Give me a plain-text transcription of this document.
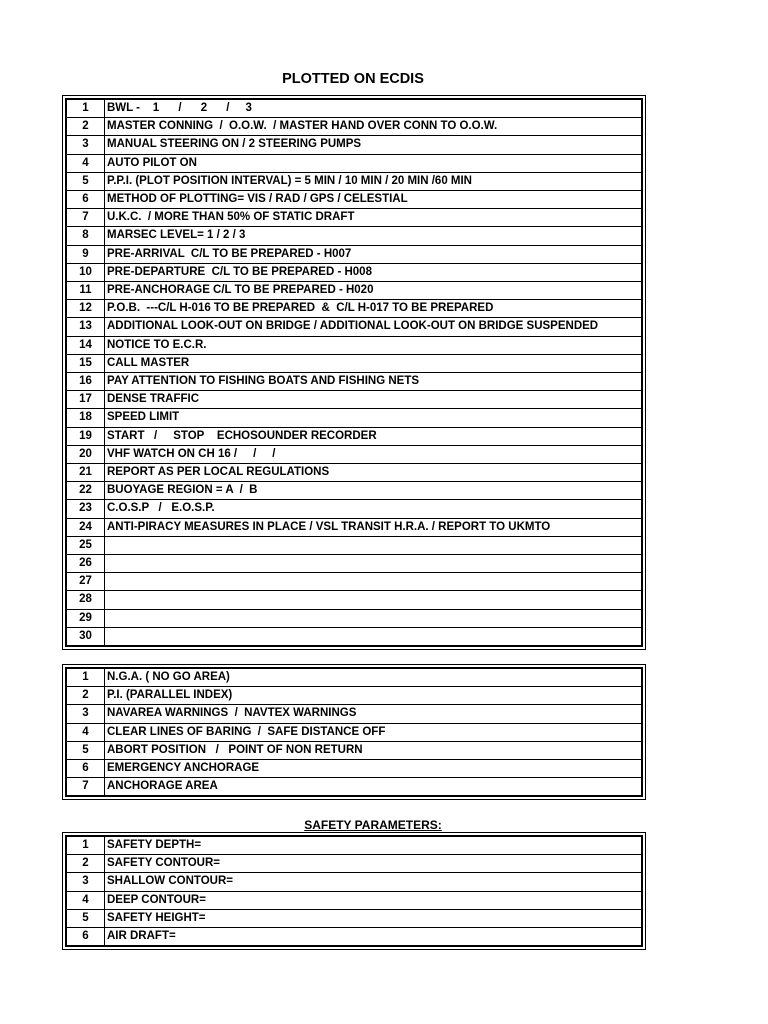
PLOTTED ON ECDIS
1	BWL -    1      /      2      /     3
2	MASTER CONNING  /  O.O.W.  / MASTER HAND OVER CONN TO O.O.W.
3	MANUAL STEERING ON / 2 STEERING PUMPS
4	AUTO PILOT ON
5	P.P.I. (PLOT POSITION INTERVAL) = 5 MIN / 10 MIN / 20 MIN /60 MIN
6	METHOD OF PLOTTING= VIS / RAD / GPS / CELESTIAL
7	U.K.C.  / MORE THAN 50% OF STATIC DRAFT
8	MARSEC LEVEL= 1 / 2 / 3
9	PRE-ARRIVAL  C/L TO BE PREPARED - H007
10	PRE-DEPARTURE  C/L TO BE PREPARED - H008
11	PRE-ANCHORAGE C/L TO BE PREPARED - H020
12	P.O.B.  ---C/L H-016 TO BE PREPARED  &  C/L H-017 TO BE PREPARED
13	ADDITIONAL LOOK-OUT ON BRIDGE / ADDITIONAL LOOK-OUT ON BRIDGE SUSPENDED
14	NOTICE TO E.C.R.
15	CALL MASTER
16	PAY ATTENTION TO FISHING BOATS AND FISHING NETS
17	DENSE TRAFFIC
18	SPEED LIMIT
19	START   /     STOP    ECHOSOUNDER RECORDER
20	VHF WATCH ON CH 16 /     /     /
21	REPORT AS PER LOCAL REGULATIONS
22	BUOYAGE REGION = A  /  B
23	C.O.S.P   /   E.O.S.P.
24	ANTI-PIRACY MEASURES IN PLACE / VSL TRANSIT H.R.A. / REPORT TO UKMTO
25	
26	
27	
28	
29	
30	
1	N.G.A. ( NO GO AREA)
2	P.I. (PARALLEL INDEX)
3	NAVAREA WARNINGS  /  NAVTEX WARNINGS
4	CLEAR LINES OF BARING  /  SAFE DISTANCE OFF
5	ABORT POSITION   /   POINT OF NON RETURN
6	EMERGENCY ANCHORAGE
7	ANCHORAGE AREA
SAFETY PARAMETERS:
1	SAFETY DEPTH=
2	SAFETY CONTOUR=
3	SHALLOW CONTOUR=
4	DEEP CONTOUR=
5	SAFETY HEIGHT=
6	AIR DRAFT=
